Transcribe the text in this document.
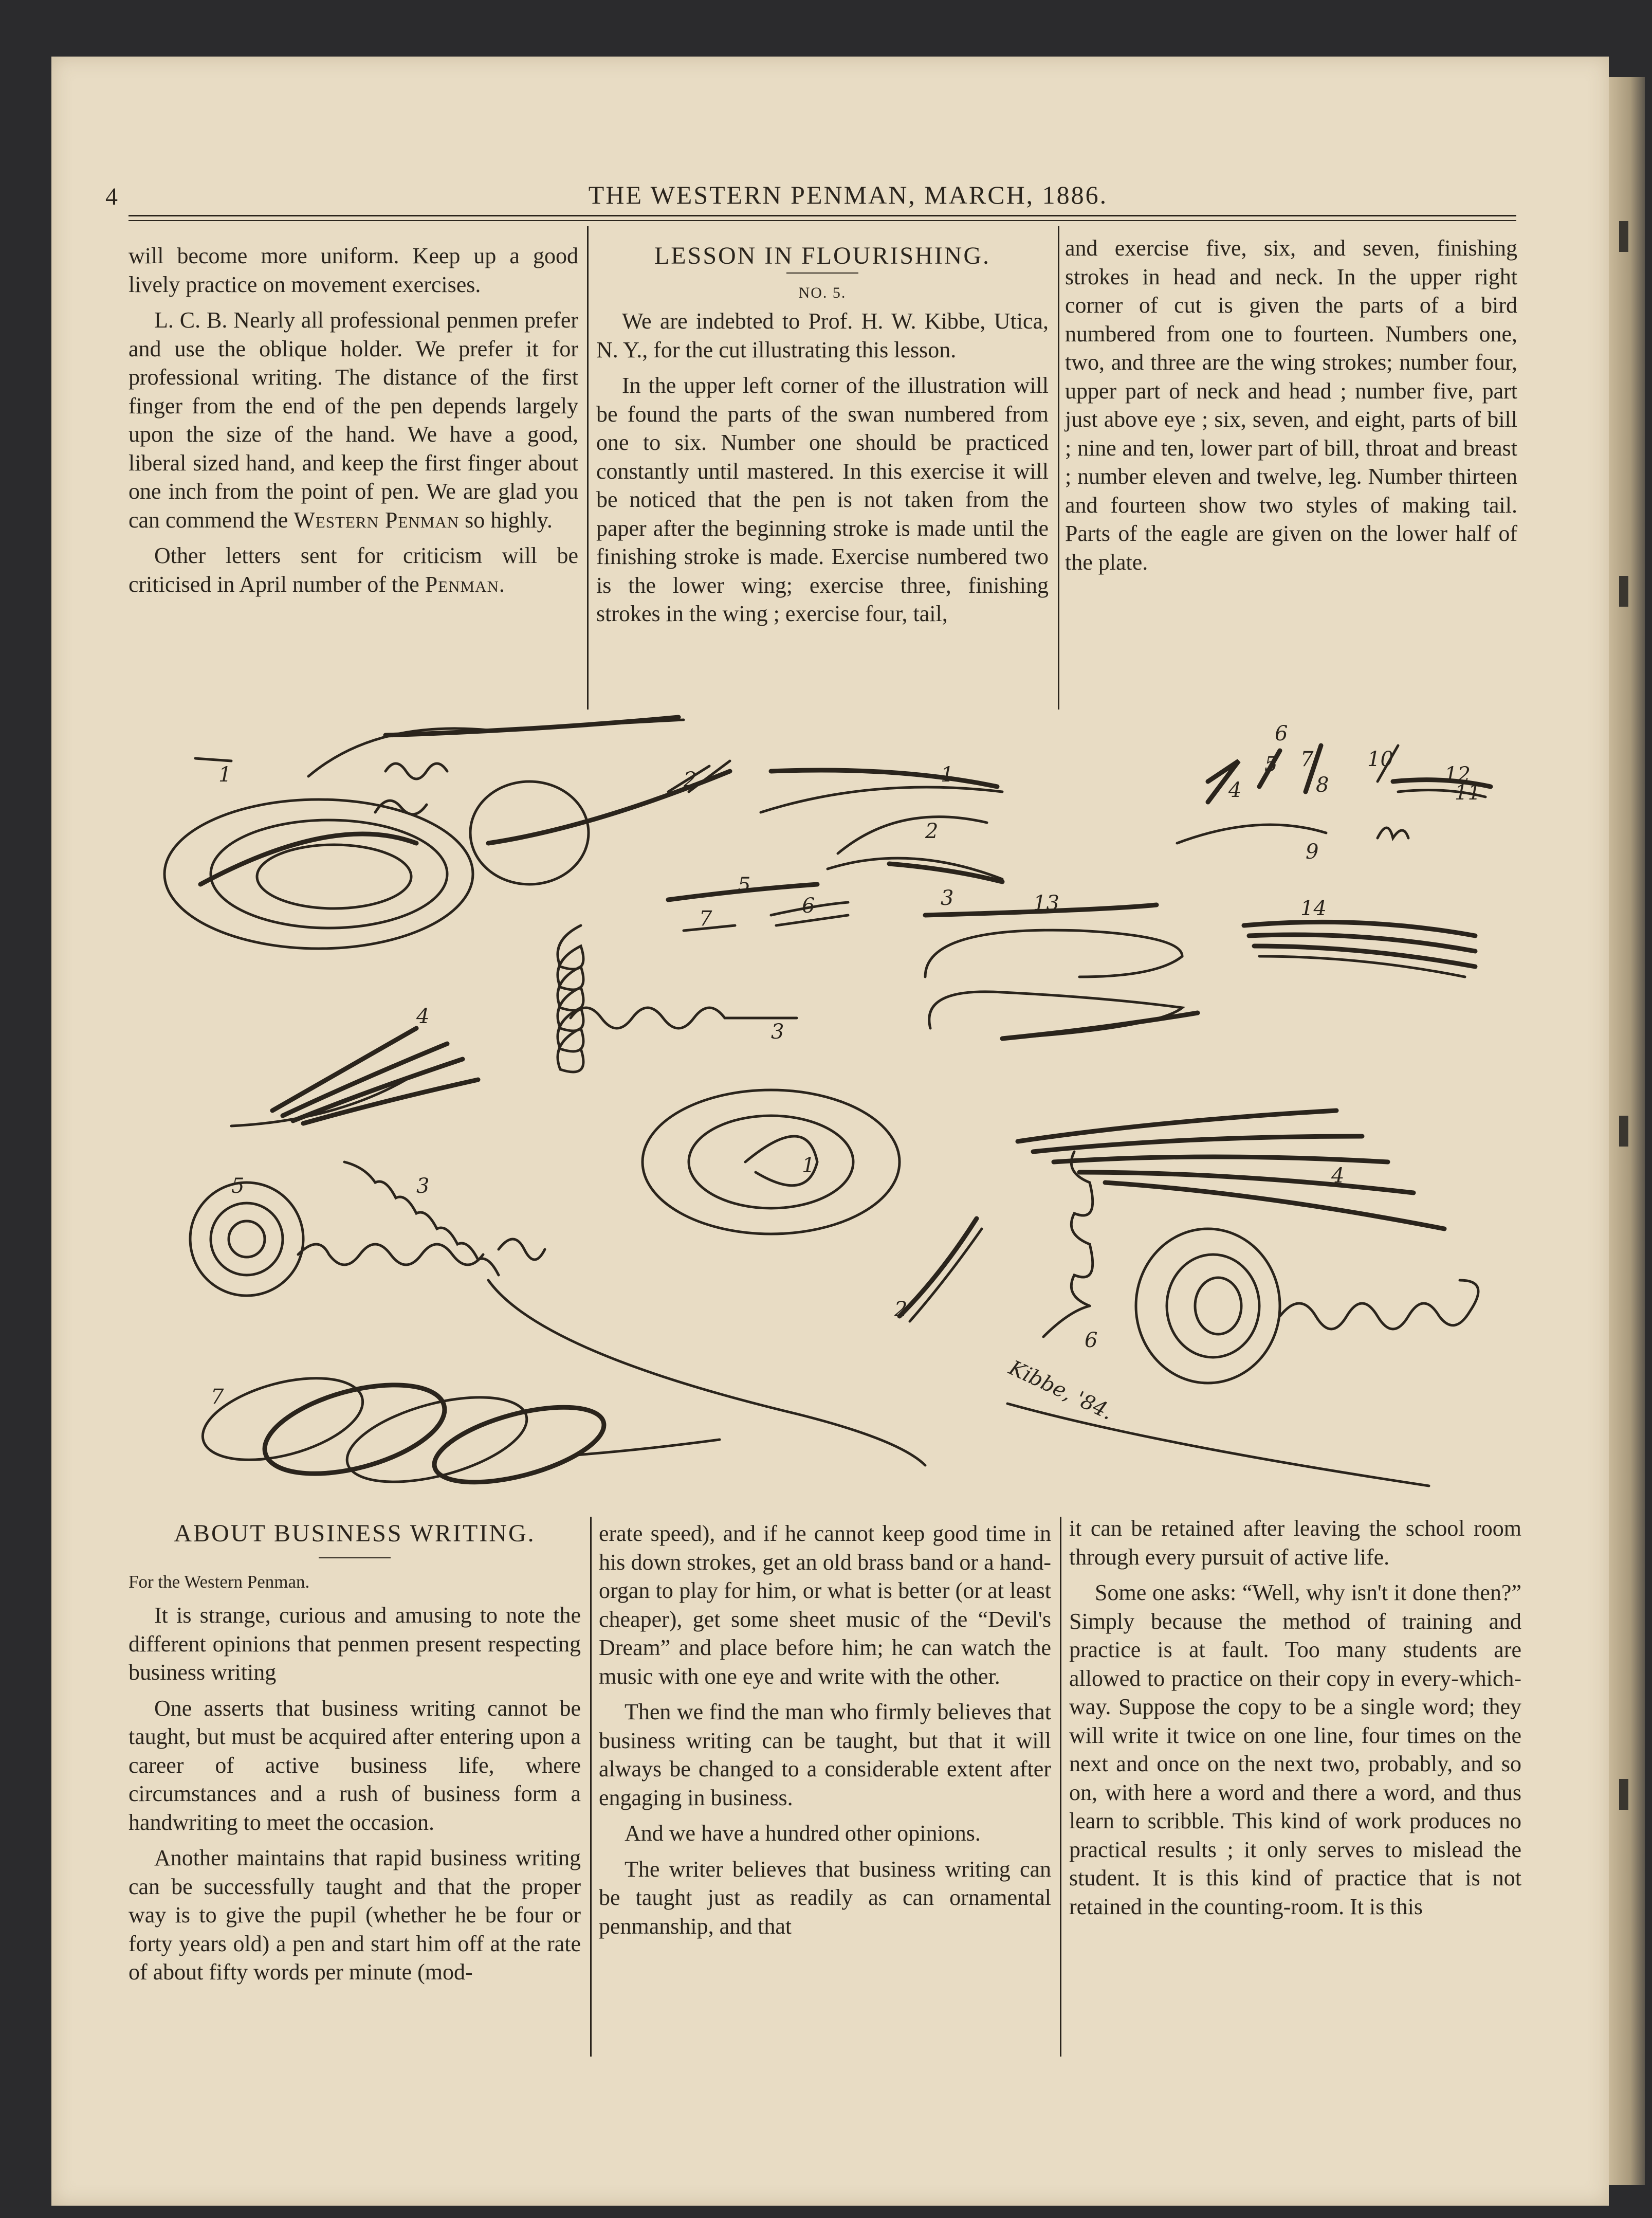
4	THE WESTERN PENMAN, MARCH, 1886.

will become more uniform. Keep up a good lively practice on movement exercises.

L. C. B. Nearly all professional penmen prefer and use the oblique holder. We prefer it for professional writing. The distance of the first finger from the end of the pen depends largely upon the size of the hand. We have a good, liberal sized hand, and keep the first finger about one inch from the point of pen. We are glad you can commend the Western Penman so highly.

Other letters sent for criticism will be criticised in April number of the Penman.

LESSON IN FLOURISHING.

NO. 5.

We are indebted to Prof. H. W. Kibbe, Utica, N. Y., for the cut illustrating this lesson.

In the upper left corner of the illustration will be found the parts of the swan numbered from one to six. Number one should be practiced constantly until mastered. In this exercise it will be noticed that the pen is not taken from the paper after the beginning stroke is made until the finishing stroke is made. Exercise numbered two is the lower wing; exercise three, finishing strokes in the wing ; exercise four, tail,

and exercise five, six, and seven, finishing strokes in head and neck. In the upper right corner of cut is given the parts of a bird numbered from one to fourteen. Numbers one, two, and three are the wing strokes; number four, upper part of neck and head ; number five, part just above eye ; six, seven, and eight, parts of bill ; nine and ten, lower part of bill, throat and breast ; number eleven and twelve, leg. Number thirteen and fourteen show two styles of making tail. Parts of the eagle are given on the lower half of the plate.

1	2
5
6
7
3
4
1
2
3
4
5
6
7
8
10
12
11
9
13	14
1
2
3	4
5
6
7	Kibbe, '84.

ABOUT BUSINESS WRITING.

For the Western Penman.

It is strange, curious and amusing to note the different opinions that penmen present respecting business writing

One asserts that business writing cannot be taught, but must be acquired after entering upon a career of active business life, where circumstances and a rush of business form a handwriting to meet the occasion.

Another maintains that rapid business writing can be successfully taught and that the proper way is to give the pupil (whether he be four or forty years old) a pen and start him off at the rate of about fifty words per minute (mod-

erate speed), and if he cannot keep good time in his down strokes, get an old brass band or a hand-organ to play for him, or what is better (or at least cheaper), get some sheet music of the “Devil's Dream” and place before him; he can watch the music with one eye and write with the other.

Then we find the man who firmly believes that business writing can be taught, but that it will always be changed to a considerable extent after engaging in business.

And we have a hundred other opinions.

The writer believes that business writing can be taught just as readily as can ornamental penmanship, and that

it can be retained after leaving the school room through every pursuit of active life.

Some one asks: “Well, why isn't it done then?” Simply because the method of training and practice is at fault. Too many students are allowed to practice on their copy in every-which-way. Suppose the copy to be a single word; they will write it twice on one line, four times on the next and once on the next two, probably, and so on, with here a word and there a word, and thus learn to scribble. This kind of work produces no practical results ; it only serves to mislead the student. It is this kind of practice that is not retained in the counting-room. It is this
